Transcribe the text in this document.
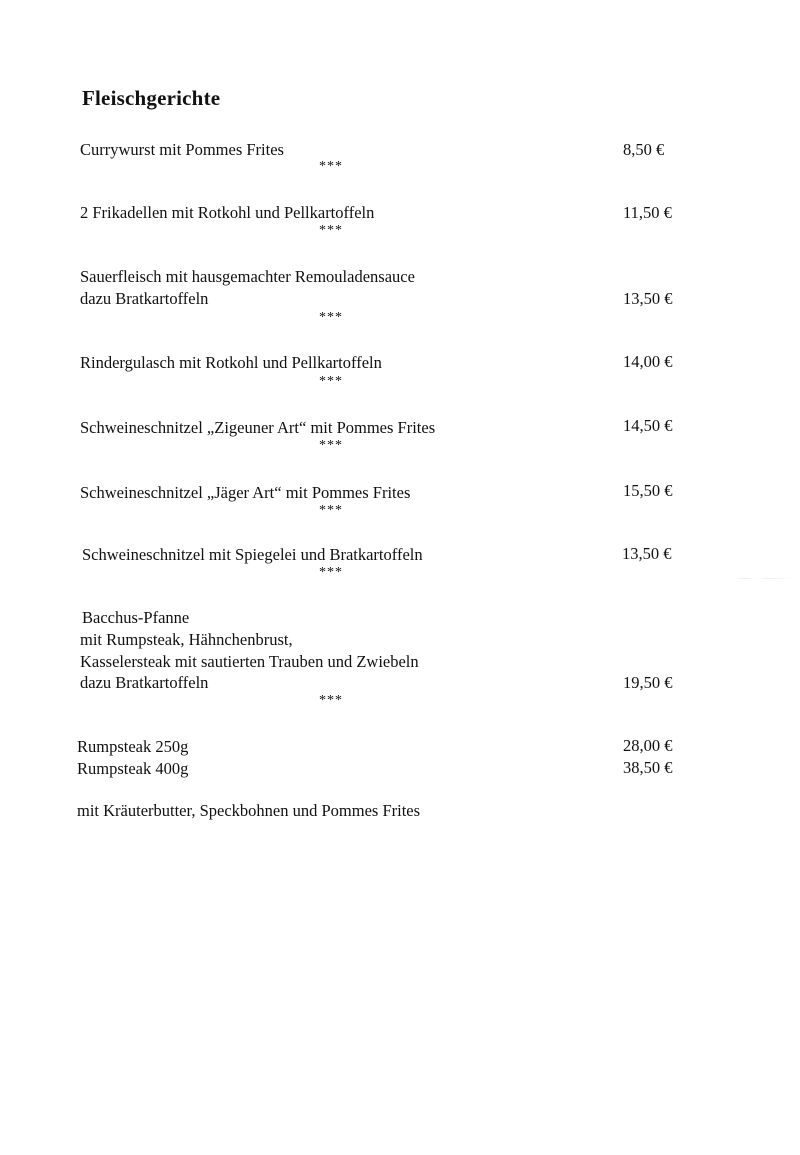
Fleischgerichte
Currywurst mit Pommes Frites	8,50 €
***
2 Frikadellen mit Rotkohl und Pellkartoffeln	11,50 €
***
Sauerfleisch mit hausgemachter Remouladensauce
dazu Bratkartoffeln	13,50 €
***
Rindergulasch mit Rotkohl und Pellkartoffeln	14,00 €
***
Schweineschnitzel „Zigeuner Art“ mit Pommes Frites	14,50 €
***
Schweineschnitzel „Jäger Art“ mit Pommes Frites	15,50 €
***
Schweineschnitzel mit Spiegelei und Bratkartoffeln	13,50 €
***
Bacchus-Pfanne
mit Rumpsteak, Hähnchenbrust,
Kasselersteak mit sautierten Trauben und Zwiebeln
dazu Bratkartoffeln	19,50 €
***
Rumpsteak 250g	28,00 €
Rumpsteak 400g	38,50 €
mit Kräuterbutter, Speckbohnen und Pommes Frites
